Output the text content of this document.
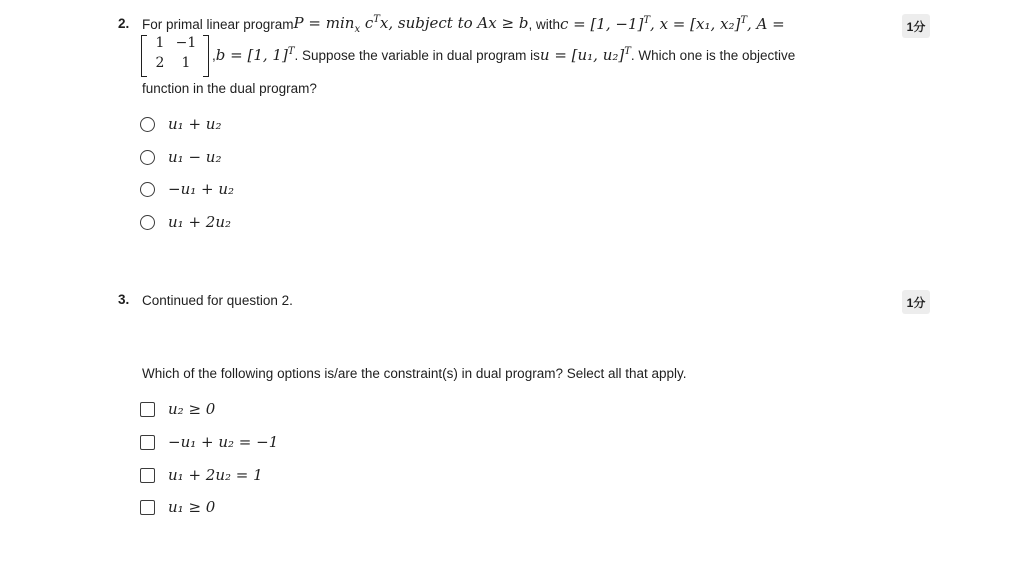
2.	1分
For primal linear program $P = \min_x c^Tx$, subject to Ax ≥ b , with c = [1, −1]$^T$, x = [x₁, x₂]$^T$, A =
1 −1
2	1	, b = [1, 1]$^T$ . Suppose the variable in dual program is u = [u₁, u₂]$^T$ . Which one is the objective
function in the dual program?
u₁ + u₂
u₁ − u₂
−u₁ + u₂
u₁ + 2u₂
3.	1分
Continued for question 2.
Which of the following options is/are the constraint(s) in dual program? Select all that apply.
u₂ ≥ 0
−u₁ + u₂ = −1
u₁ + 2u₂ = 1
u₁ ≥ 0
